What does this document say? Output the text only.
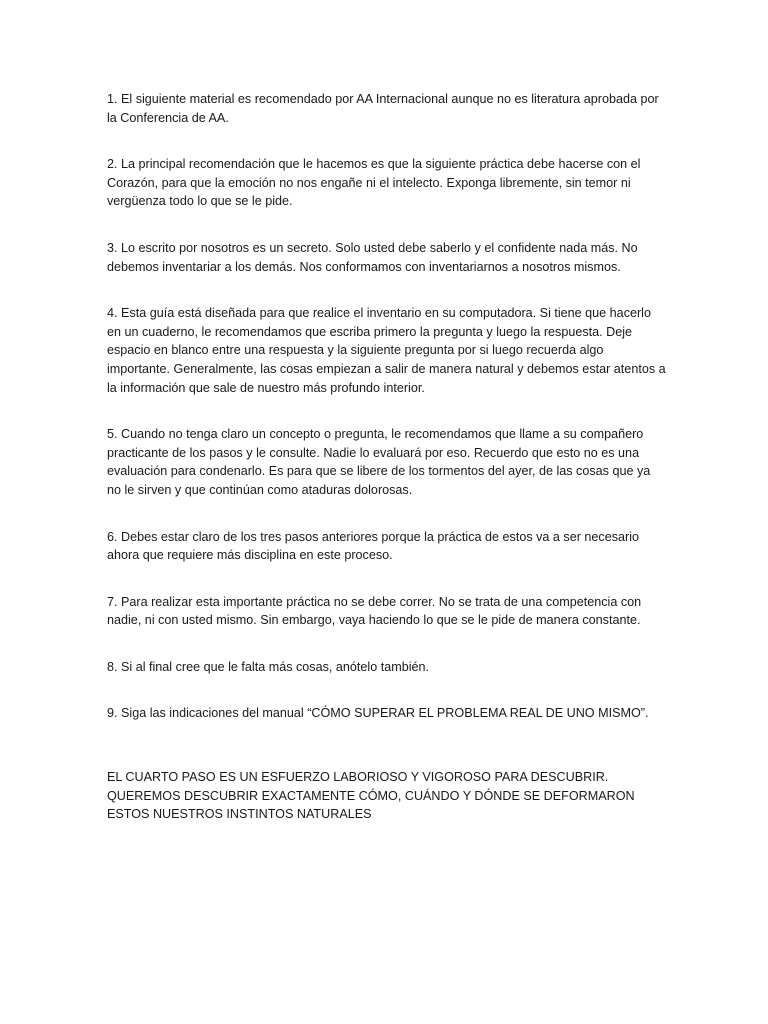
1. El siguiente material es recomendado por AA Internacional aunque no es literatura aprobada por la Conferencia de AA.

2. La principal recomendación que le hacemos es que la siguiente práctica debe hacerse con el Corazón, para que la emoción no nos engañe ni el intelecto. Exponga libremente, sin temor ni vergüenza todo lo que se le pide.

3. Lo escrito por nosotros es un secreto. Solo usted debe saberlo y el confidente nada más. No debemos inventariar a los demás. Nos conformamos con inventariarnos a nosotros mismos.

4. Esta guía está diseñada para que realice el inventario en su computadora. Si tiene que hacerlo en un cuaderno, le recomendamos que escriba primero la pregunta y luego la respuesta. Deje espacio en blanco entre una respuesta y la siguiente pregunta por si luego recuerda algo importante. Generalmente, las cosas empiezan a salir de manera natural y debemos estar atentos a la información que sale de nuestro más profundo interior.

5. Cuando no tenga claro un concepto o pregunta, le recomendamos que llame a su compañero practicante de los pasos y le consulte. Nadie lo evaluará por eso. Recuerdo que esto no es una evaluación para condenarlo. Es para que se libere de los tormentos del ayer, de las cosas que ya no le sirven y que continúan como ataduras dolorosas.

6. Debes estar claro de los tres pasos anteriores porque la práctica de estos va a ser necesario ahora que requiere más disciplina en este proceso.

7. Para realizar esta importante práctica no se debe correr. No se trata de una competencia con nadie, ni con usted mismo. Sin embargo, vaya haciendo lo que se le pide de manera constante.

8. Si al final cree que le falta más cosas, anótelo también.

9. Siga las indicaciones del manual “CÓMO SUPERAR EL PROBLEMA REAL DE UNO MISMO”.

EL CUARTO PASO ES UN ESFUERZO LABORIOSO Y VIGOROSO PARA DESCUBRIR. QUEREMOS DESCUBRIR EXACTAMENTE CÓMO, CUÁNDO Y DÓNDE SE DEFORMARON ESTOS NUESTROS INSTINTOS NATURALES
